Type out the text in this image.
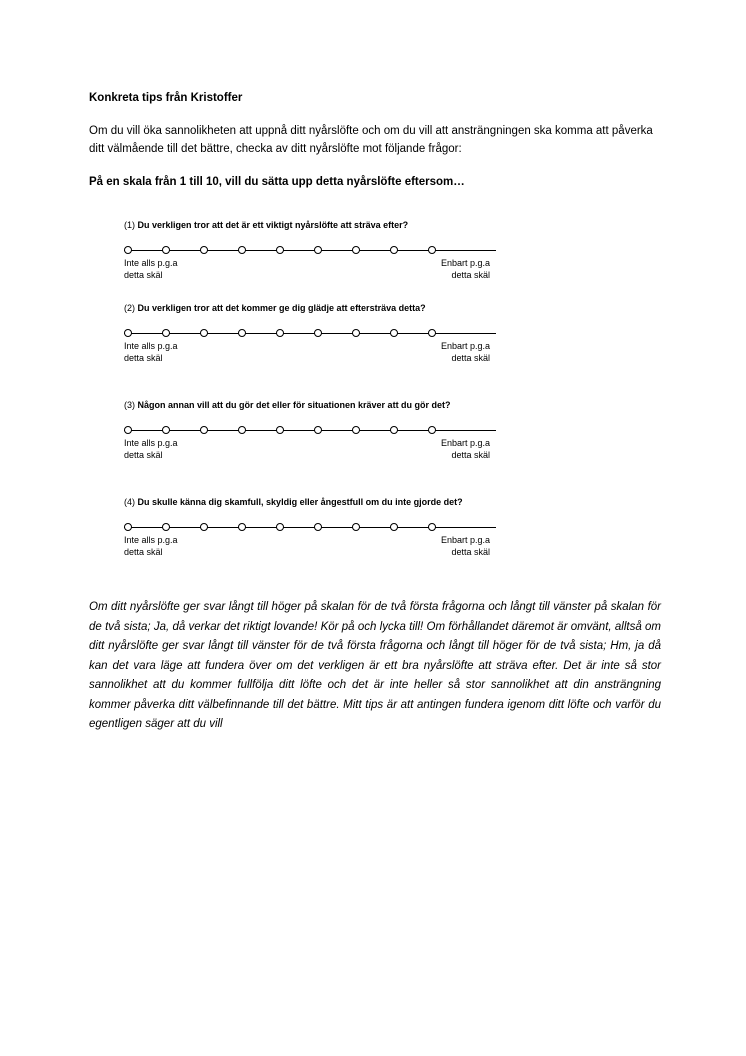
Konkreta tips från Kristoffer
Om du vill öka sannolikheten att uppnå ditt nyårslöfte och om du vill att ansträngningen ska komma att påverka ditt välmående till det bättre, checka av ditt nyårslöfte mot följande frågor:
På en skala från 1 till 10, vill du sätta upp detta nyårslöfte eftersom…
(1) Du verkligen tror att det är ett viktigt nyårslöfte att sträva efter?
Inte alls p.g.a
detta skäl
Enbart p.g.a
detta skäl
(2) Du verkligen tror att det kommer ge dig glädje att eftersträva detta?
Inte alls p.g.a
detta skäl
Enbart p.g.a
detta skäl
(3) Någon annan vill att du gör det eller för situationen kräver att du gör det?
Inte alls p.g.a
detta skäl
Enbart p.g.a
detta skäl
(4) Du skulle känna dig skamfull, skyldig eller ångestfull om du inte gjorde det?
Inte alls p.g.a
detta skäl
Enbart p.g.a
detta skäl
Om ditt nyårslöfte ger svar långt till höger på skalan för de två första frågorna och långt till vänster på skalan för de två sista; Ja, då verkar det riktigt lovande! Kör på och lycka till! Om förhållandet däremot är omvänt, alltså om ditt nyårslöfte ger svar långt till vänster för de två första frågorna och långt till höger för de två sista; Hm, ja då kan det vara läge att fundera över om det verkligen är ett bra nyårslöfte att sträva efter. Det är inte så stor sannolikhet att du kommer fullfölja ditt löfte och det är inte heller så stor sannolikhet att din ansträngning kommer påverka ditt välbefinnande till det bättre. Mitt tips är att antingen fundera igenom ditt löfte och varför du egentligen säger att du vill
